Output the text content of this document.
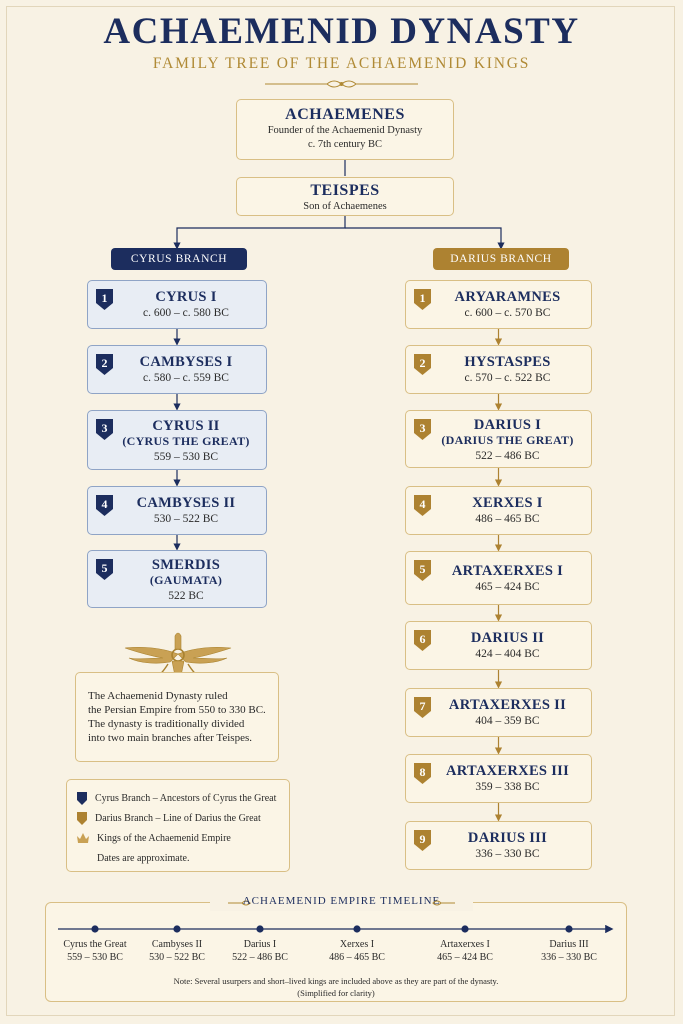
ACHAEMENID DYNASTY
FAMILY TREE OF THE ACHAEMENID KINGS
ACHAEMENES
Founder of the Achaemenid Dynasty
c. 7th century BC
TEISPES
Son of Achaemenes
CYRUS BRANCH	DARIUS BRANCH
CYRUS I
c. 600 – c. 580 BC
1
CAMBYSES I
c. 580 – c. 559 BC
2
CYRUS II
(CYRUS THE GREAT)
559 – 530 BC
3
CAMBYSES II
530 – 522 BC
4
SMERDIS
(GAUMATA)
522 BC
5
ARYARAMNES
c. 600 – c. 570 BC
1
HYSTASPES
c. 570 – c. 522 BC
2
DARIUS I
(DARIUS THE GREAT)
522 – 486 BC
3
XERXES I
486 – 465 BC
4
ARTAXERXES I
465 – 424 BC
5
DARIUS II
424 – 404 BC
6
ARTAXERXES II
404 – 359 BC
7
ARTAXERXES III
359 – 338 BC
8
DARIUS III
336 – 330 BC
9
The Achaemenid Dynasty ruled
the Persian Empire from 550 to 330 BC.
The dynasty is traditionally divided
into two main branches after Teispes.
Cyrus Branch – Ancestors of Cyrus the Great
Darius Branch – Line of Darius the Great
Kings of the Achaemenid Empire
Dates are approximate.
ACHAEMENID EMPIRE TIMELINE
Cyrus the Great
559 – 530 BC
Cambyses II
530 – 522 BC
Darius I
522 – 486 BC
Xerxes I
486 – 465 BC
Artaxerxes I
465 – 424 BC
Darius III
336 – 330 BC
Note: Several usurpers and short–lived kings are included above as they are part of the dynasty.
(Simplified for clarity)
